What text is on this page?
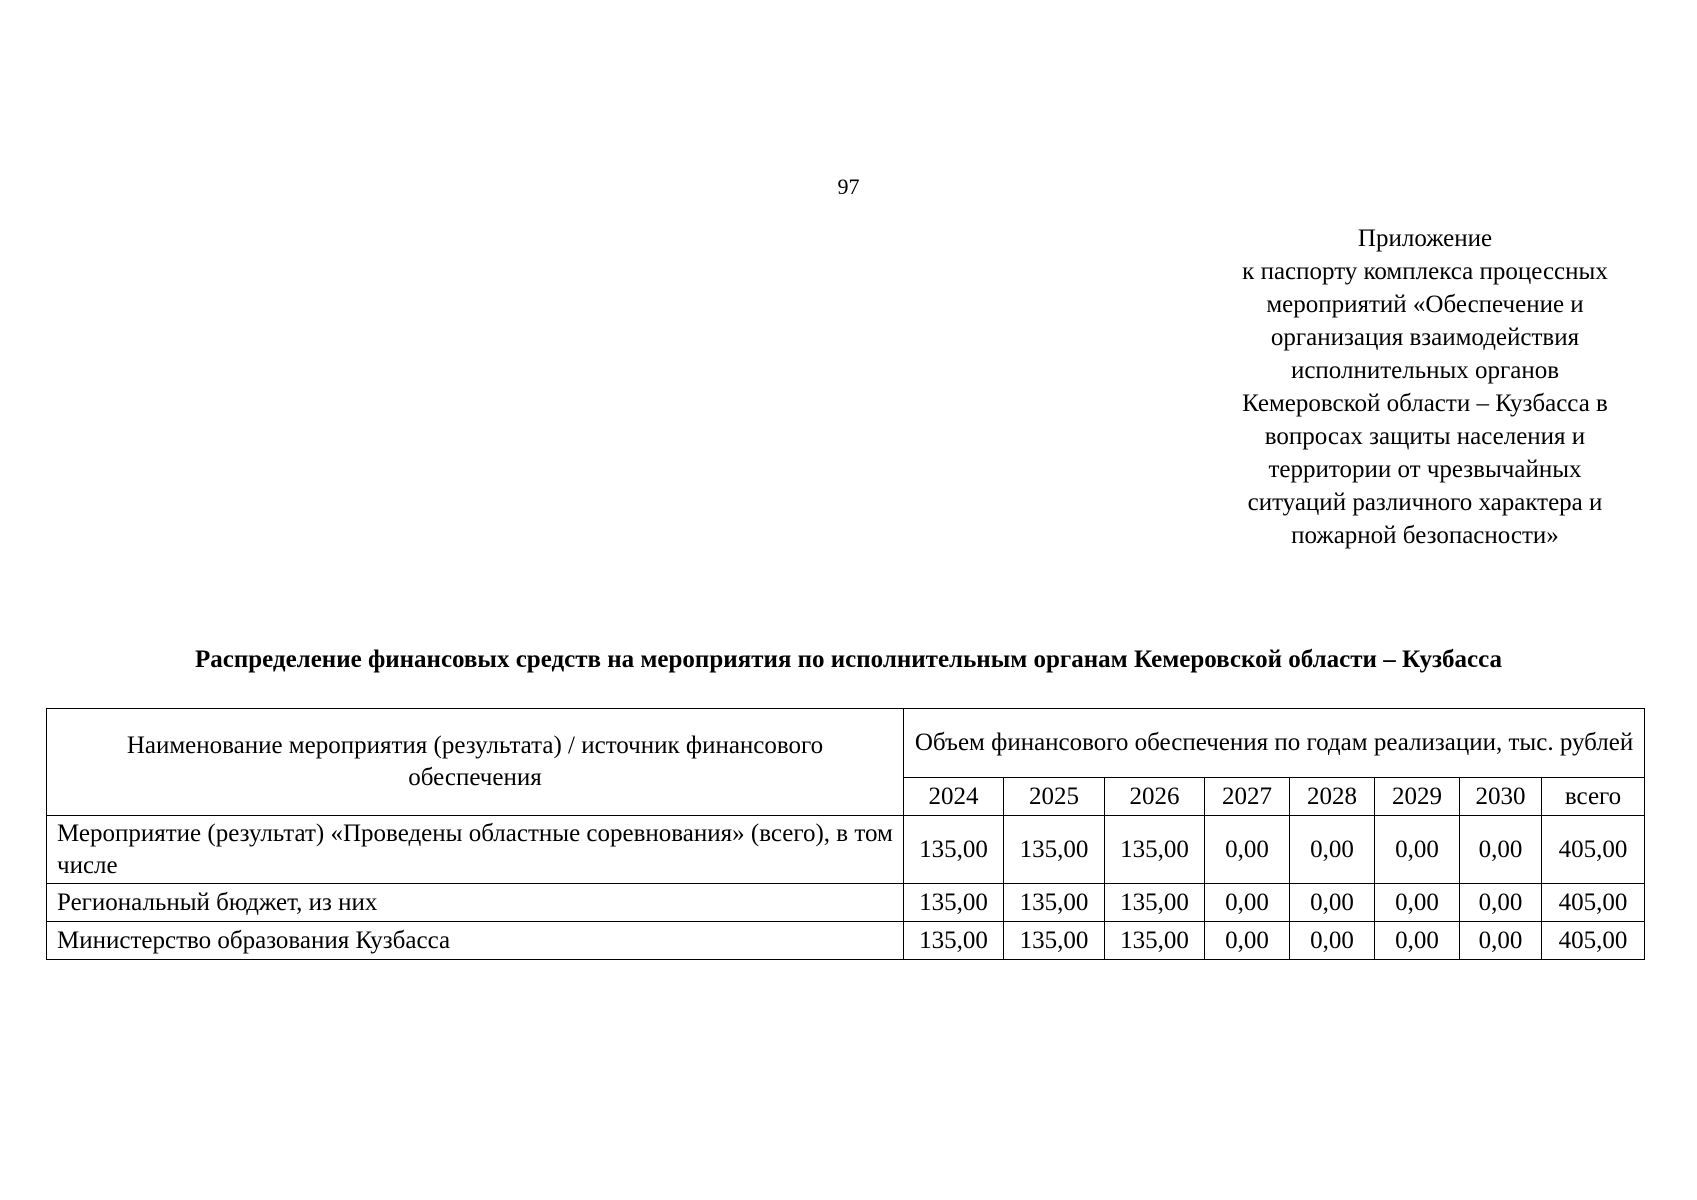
97
Приложение
к паспорту комплекса процессных
мероприятий «Обеспечение и
организация взаимодействия
исполнительных органов
Кемеровской области – Кузбасса в
вопросах защиты населения и
территории от чрезвычайных
ситуаций различного характера и
пожарной безопасности»
Распределение финансовых средств на мероприятия по исполнительным органам Кемеровской области – Кузбасса
Наименование мероприятия (результата) / источник финансового обеспечения	Объем финансового обеспечения по годам реализации, тыс. рублей							
	2024	2025	2026	2027	2028	2029	2030	всего
Мероприятие (результат) «Проведены областные соревнования» (всего), в том числе	135,00	135,00	135,00	0,00	0,00	0,00	0,00	405,00
Региональный бюджет, из них	135,00	135,00	135,00	0,00	0,00	0,00	0,00	405,00
Министерство образования Кузбасса	135,00	135,00	135,00	0,00	0,00	0,00	0,00	405,00
